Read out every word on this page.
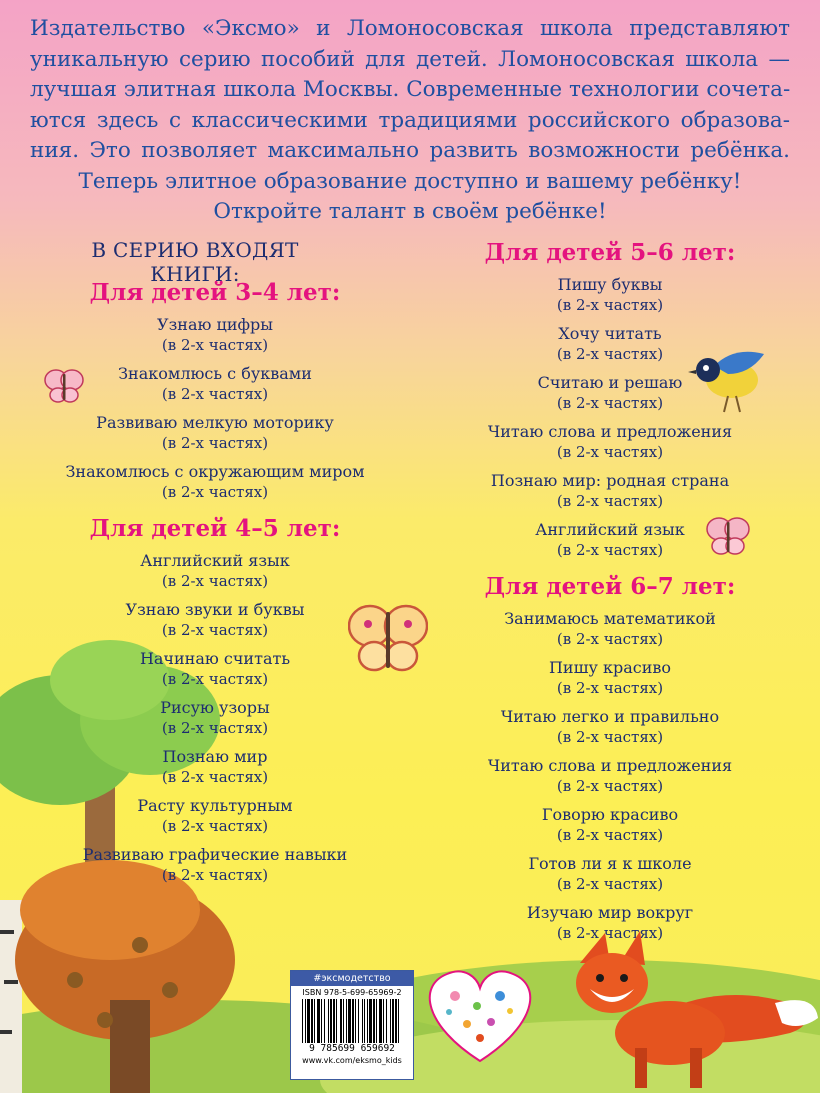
Издательство «Эксмо» и Ломоносовская школа представляют
уникальную серию пособий для детей. Ломоносовская школа —
лучшая элитная школа Москвы. Современные технологии сочета-
ются здесь с классическими традициями российского образова-
ния. Это позволяет максимально развить возможности ребёнка.
Теперь элитное образование доступно и вашему ребёнку!
Откройте талант в своём ребёнке!
В СЕРИЮ ВХОДЯТ КНИГИ:

Для детей 3–4 лет:

Узнаю цифры
(в 2-х частях)

Знакомлюсь с буквами
(в 2-х частях)

Развиваю мелкую моторику
(в 2-х частях)

Знакомлюсь с окружающим миром
(в 2-х частях)

Для детей 4–5 лет:

Английский язык
(в 2-х частях)

Узнаю звуки и буквы
(в 2-х частях)

Начинаю считать
(в 2-х частях)

Рисую узоры
(в 2-х частях)

Познаю мир
(в 2-х частях)

Расту культурным
(в 2-х частях)

Развиваю графические навыки
(в 2-х частях)

Для детей 5–6 лет:

Пишу буквы
(в 2-х частях)

Хочу читать
(в 2-х частях)

Считаю и решаю
(в 2-х частях)

Читаю слова и предложения
(в 2-х частях)

Познаю мир: родная страна
(в 2-х частях)

Английский язык
(в 2-х частях)

Для детей 6–7 лет:

Занимаюсь математикой
(в 2-х частях)

Пишу красиво
(в 2-х частях)

Читаю легко и правильно
(в 2-х частях)

Читаю слова и предложения
(в 2-х частях)

Говорю красиво
(в 2-х частях)

Готов ли я к школе
(в 2-х частях)

Изучаю мир вокруг
(в 2-х частях)

#эксмодетство
ISBN 978-5-699-65969-2
9 785699 659692
www.vk.com/eksmo_kids
